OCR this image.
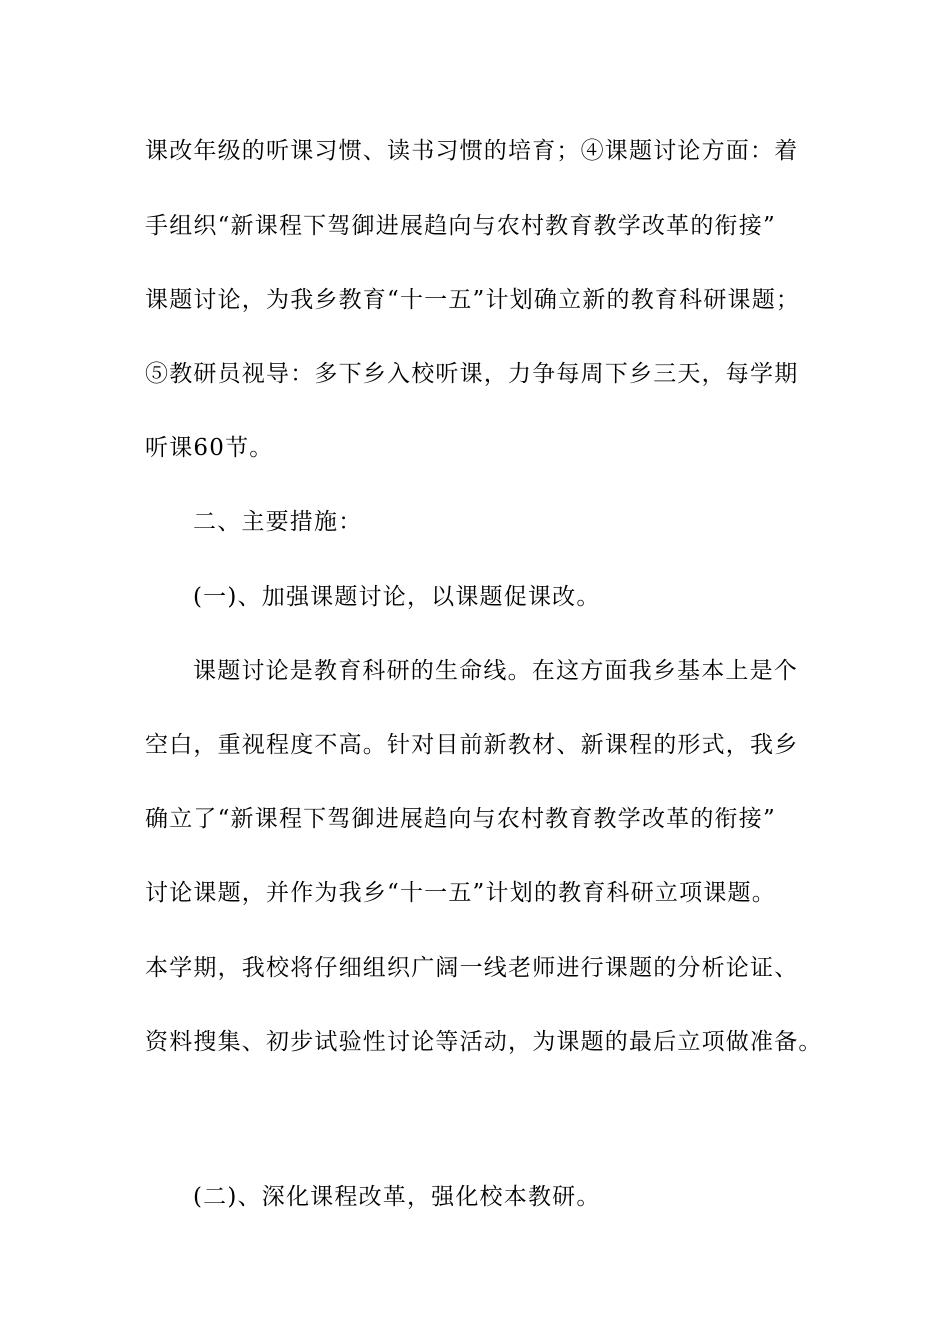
课改年级的听课习惯、读书习惯的培育；④课题讨论方面：着
手组织“新课程下驾御进展趋向与农村教育教学改革的衔接”
课题讨论，为我乡教育“十一五”计划确立新的教育科研课题；
⑤教研员视导：多下乡入校听课，力争每周下乡三天，每学期
听课60节。
二、主要措施：
(一)、加强课题讨论，以课题促课改。
课题讨论是教育科研的生命线。在这方面我乡基本上是个
空白，重视程度不高。针对目前新教材、新课程的形式，我乡
确立了“新课程下驾御进展趋向与农村教育教学改革的衔接”
讨论课题，并作为我乡“十一五”计划的教育科研立项课题。
本学期，我校将仔细组织广阔一线老师进行课题的分析论证、
资料搜集、初步试验性讨论等活动，为课题的最后立项做准备。
(二)、深化课程改革，强化校本教研。
